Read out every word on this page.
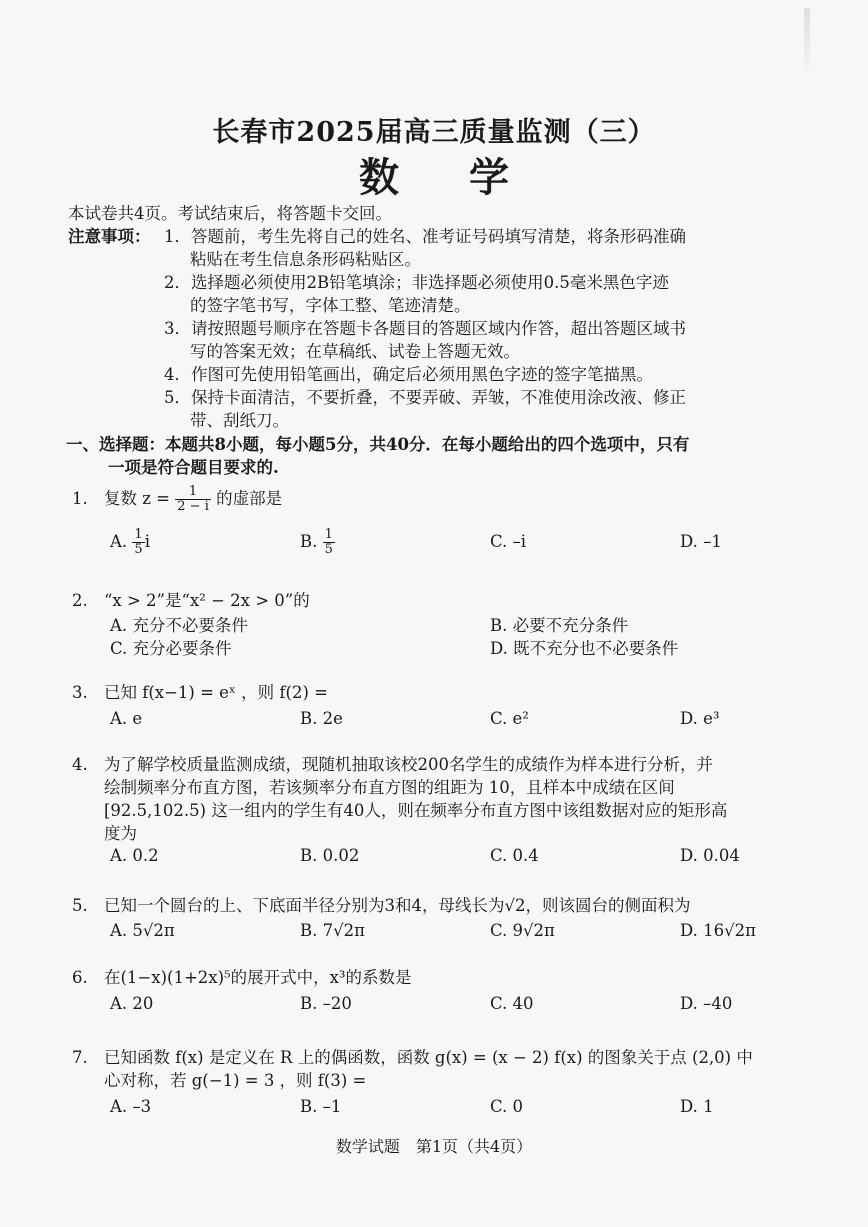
长春市2025届高三质量监测（三）
数 学
本试卷共4页。考试结束后，将答题卡交回。
注意事项： 1．答题前，考生先将自己的姓名、准考证号码填写清楚，将条形码准确
粘贴在考生信息条形码粘贴区。
2．选择题必须使用2B铅笔填涂；非选择题必须使用0.5毫米黑色字迹
的签字笔书写，字体工整、笔迹清楚。
3．请按照题号顺序在答题卡各题目的答题区域内作答，超出答题区域书
写的答案无效；在草稿纸、试卷上答题无效。
4．作图可先使用铅笔画出，确定后必须用黑色字迹的签字笔描黑。
5．保持卡面清洁，不要折叠，不要弄破、弄皱，不准使用涂改液、修正
带、刮纸刀。
一、选择题：本题共8小题，每小题5分，共40分．在每小题给出的四个选项中，只有
一项是符合题目要求的.
1. 复数 $z = \frac{1}{2 - i}$ 的虚部是
A. $\frac{1}{5}$ i	B. $\frac{1}{5}$	C. –i	D. –1
2. “x > 2”是“x² − 2x > 0”的
A. 充分不必要条件	B. 必要不充分条件
C. 充分必要条件	D. 既不充分也不必要条件
3. 已知 f(x−1) = eˣ ，则 f(2) =
A. e	B. 2e	C. e²	D. e³
4. 为了解学校质量监测成绩，现随机抽取该校200名学生的成绩作为样本进行分析，并
绘制频率分布直方图，若该频率分布直方图的组距为 10，且样本中成绩在区间
[92.5,102.5) 这一组内的学生有40人，则在频率分布直方图中该组数据对应的矩形高
度为
A. 0.2	B. 0.02	C. 0.4	D. 0.04
5. 已知一个圆台的上、下底面半径分别为3和4，母线长为√2，则该圆台的侧面积为
A. 5√2π	B. 7√2π	C. 9√2π	D. 16√2π
6. 在(1−x)(1+2x)⁵的展开式中，x³的系数是
A. 20	B. –20	C. 40	D. –40
7. 已知函数 f(x) 是定义在 R 上的偶函数，函数 g(x) = (x − 2) f(x) 的图象关于点 (2,0) 中
心对称，若 g(−1) = 3 ，则 f(3) =
A. –3	B. –1	C. 0	D. 1
数学试题　第1页（共4页）
